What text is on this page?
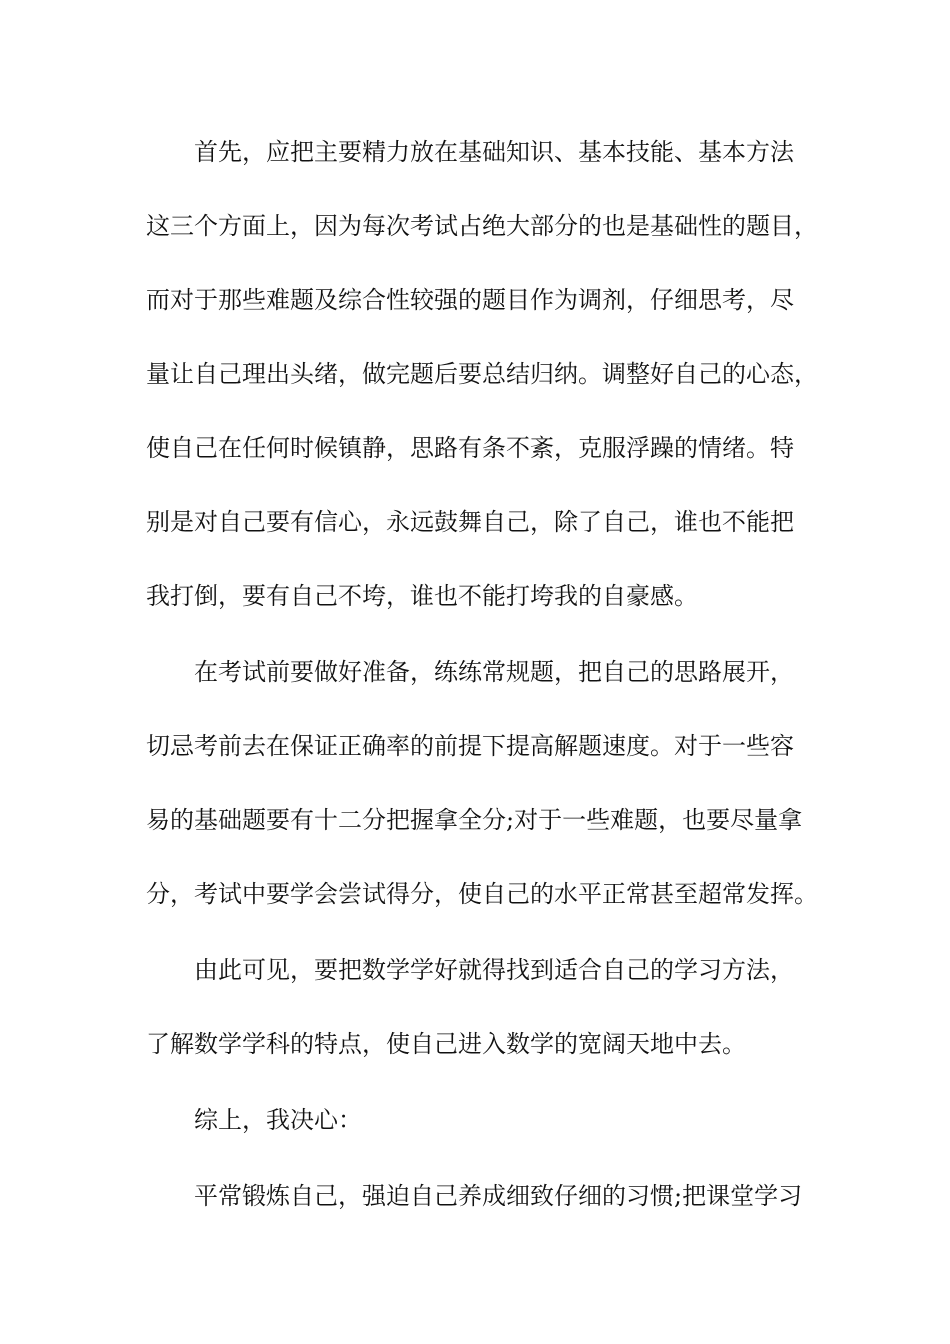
首先，应把主要精力放在基础知识、基本技能、基本方法
这三个方面上，因为每次考试占绝大部分的也是基础性的题目，
而对于那些难题及综合性较强的题目作为调剂，仔细思考，尽
量让自己理出头绪，做完题后要总结归纳。调整好自己的心态，
使自己在任何时候镇静，思路有条不紊，克服浮躁的情绪。特
别是对自己要有信心，永远鼓舞自己，除了自己，谁也不能把
我打倒，要有自己不垮，谁也不能打垮我的自豪感。
在考试前要做好准备，练练常规题，把自己的思路展开，
切忌考前去在保证正确率的前提下提高解题速度。对于一些容
易的基础题要有十二分把握拿全分;对于一些难题，也要尽量拿
分，考试中要学会尝试得分，使自己的水平正常甚至超常发挥。
由此可见，要把数学学好就得找到适合自己的学习方法，
了解数学学科的特点，使自己进入数学的宽阔天地中去。
综上，我决心：
平常锻炼自己，强迫自己养成细致仔细的习惯;把课堂学习
